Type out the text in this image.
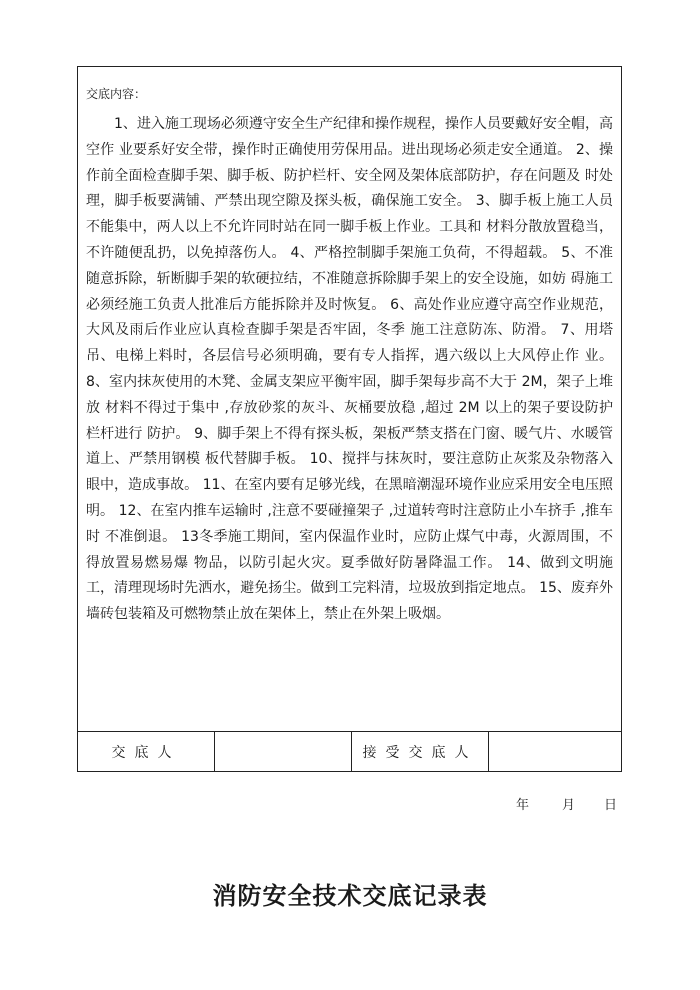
交底内容：

1、进入施工现场必须遵守安全生产纪律和操作规程，操作人员要戴好安全帽，高空作 业要系好安全带，操作时正确使用劳保用品。进出现场必须走安全通道。 2、操作前全面检查脚手架、脚手板、防护栏杆、安全网及架体底部防护，存在问题及 时处理，脚手板要满铺、严禁出现空隙及探头板，确保施工安全。 3、脚手板上施工人员不能集中，两人以上不允许同时站在同一脚手板上作业。工具和 材料分散放置稳当，不许随便乱扔，以免掉落伤人。 4、严格控制脚手架施工负荷，不得超载。 5、不准随意拆除，斩断脚手架的软硬拉结，不准随意拆除脚手架上的安全设施，如妨 碍施工必须经施工负责人批准后方能拆除并及时恢复。 6、高处作业应遵守高空作业规范，大风及雨后作业应认真检查脚手架是否牢固，冬季 施工注意防冻、防滑。 7、用塔吊、电梯上料时，各层信号必须明确，要有专人指挥，遇六级以上大风停止作 业。 8、室内抹灰使用的木凳、金属支架应平衡牢固，脚手架每步高不大于 2M，架子上堆放 材料不得过于集中 ,存放砂浆的灰斗、灰桶要放稳 ,超过 2M 以上的架子要设防护栏杆进行 防护。 9、脚手架上不得有探头板，架板严禁支搭在门窗、暖气片、水暖管道上、严禁用钢模 板代替脚手板。 10、搅拌与抹灰时，要注意防止灰浆及杂物落入眼中，造成事故。 11、在室内要有足够光线，在黑暗潮湿环境作业应采用安全电压照明。 12、在室内推车运输时 ,注意不要碰撞架子 ,过道转弯时注意防止小车挤手 ,推车时 不准倒退。 13冬季施工期间，室内保温作业时，应防止煤气中毒，火源周围，不得放置易燃易爆 物品，以防引起火灾。夏季做好防暑降温工作。 14、做到文明施工，清理现场时先洒水，避免扬尘。做到工完料清，垃圾放到指定地点。 15、废弃外墙砖包装箱及可燃物禁止放在架体上，禁止在外架上吸烟。

交底人	接受交底人
年	月 日
消防安全技术交底记录表
